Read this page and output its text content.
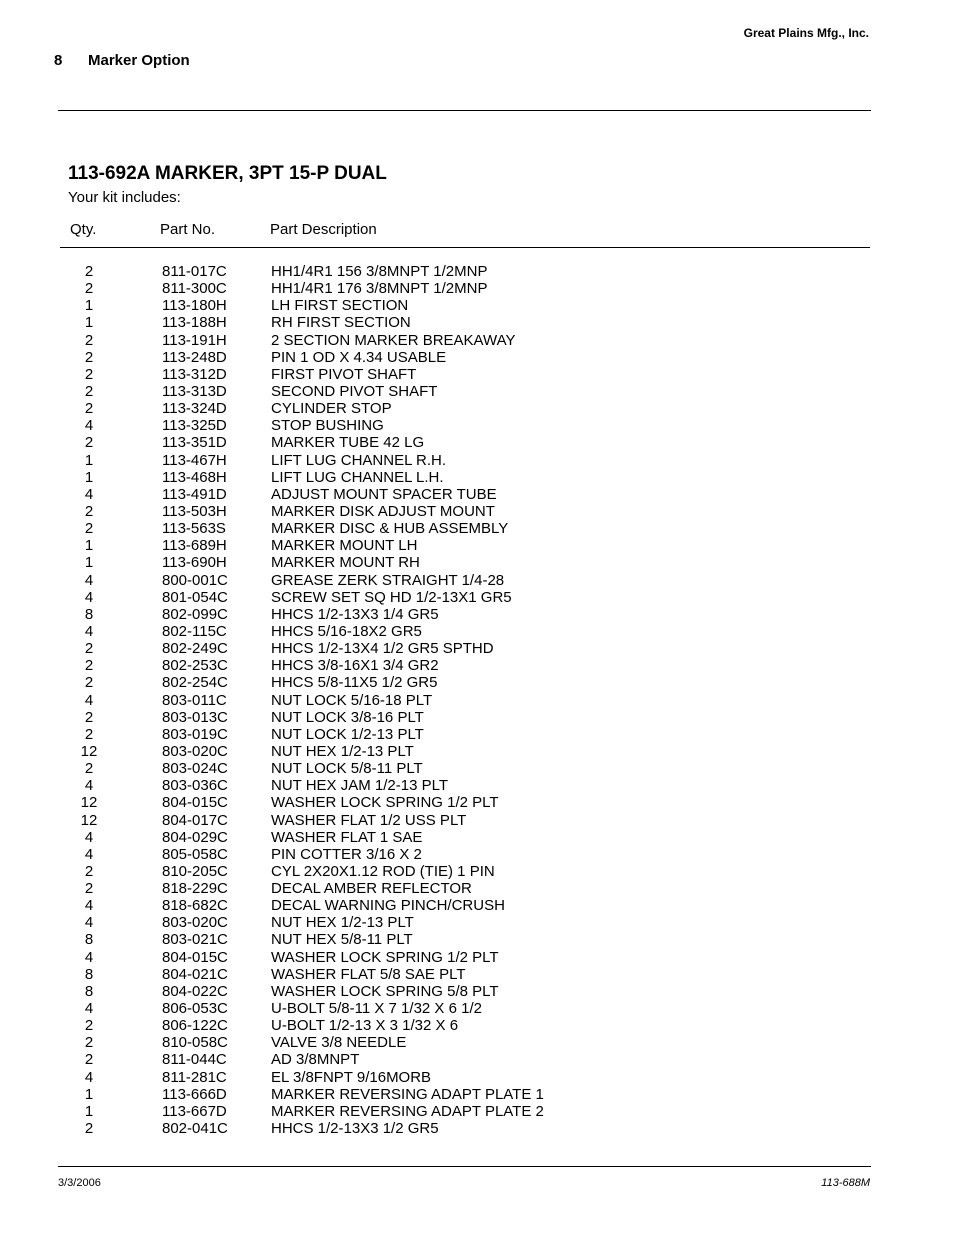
Great Plains Mfg., Inc.
8 Marker Option
113-692A MARKER, 3PT 15-P DUAL
Your kit includes:
Qty.	Part No.	Part Description
2	811-017C	HH1/4R1 156 3/8MNPT 1/2MNP
2	811-300C	HH1/4R1 176 3/8MNPT 1/2MNP
1	113-180H	LH FIRST SECTION
1	113-188H	RH FIRST SECTION
2	113-191H	2 SECTION MARKER BREAKAWAY
2	113-248D	PIN 1 OD X 4.34 USABLE
2	113-312D	FIRST PIVOT SHAFT
2	113-313D	SECOND PIVOT SHAFT
2	113-324D	CYLINDER STOP
4	113-325D	STOP BUSHING
2	113-351D	MARKER TUBE 42 LG
1	113-467H	LIFT LUG CHANNEL R.H.
1	113-468H	LIFT LUG CHANNEL L.H.
4	113-491D	ADJUST MOUNT SPACER TUBE
2	113-503H	MARKER DISK ADJUST MOUNT
2	113-563S	MARKER DISC & HUB ASSEMBLY
1	113-689H	MARKER MOUNT LH
1	113-690H	MARKER MOUNT RH
4	800-001C	GREASE ZERK STRAIGHT 1/4-28
4	801-054C	SCREW SET SQ HD 1/2-13X1 GR5
8	802-099C	HHCS 1/2-13X3 1/4 GR5
4	802-115C	HHCS 5/16-18X2 GR5
2	802-249C	HHCS 1/2-13X4 1/2 GR5 SPTHD
2	802-253C	HHCS 3/8-16X1 3/4 GR2
2	802-254C	HHCS 5/8-11X5 1/2 GR5
4	803-011C	NUT LOCK 5/16-18 PLT
2	803-013C	NUT LOCK 3/8-16 PLT
2	803-019C	NUT LOCK 1/2-13 PLT
12	803-020C	NUT HEX 1/2-13 PLT
2	803-024C	NUT LOCK 5/8-11 PLT
4	803-036C	NUT HEX JAM 1/2-13 PLT
12	804-015C	WASHER LOCK SPRING 1/2 PLT
12	804-017C	WASHER FLAT 1/2 USS PLT
4	804-029C	WASHER FLAT 1 SAE
4	805-058C	PIN COTTER 3/16 X 2
2	810-205C	CYL 2X20X1.12 ROD (TIE) 1 PIN
2	818-229C	DECAL AMBER REFLECTOR
4	818-682C	DECAL WARNING PINCH/CRUSH
4	803-020C	NUT HEX 1/2-13 PLT
8	803-021C	NUT HEX 5/8-11 PLT
4	804-015C	WASHER LOCK SPRING 1/2 PLT
8	804-021C	WASHER FLAT 5/8 SAE PLT
8	804-022C	WASHER LOCK SPRING 5/8 PLT
4	806-053C	U-BOLT 5/8-11 X 7 1/32 X 6 1/2
2	806-122C	U-BOLT 1/2-13 X 3 1/32 X 6
2	810-058C	VALVE 3/8 NEEDLE
2	811-044C	AD 3/8MNPT
4	811-281C	EL 3/8FNPT 9/16MORB
1	113-666D	MARKER REVERSING ADAPT PLATE 1
1	113-667D	MARKER REVERSING ADAPT PLATE 2
2	802-041C	HHCS 1/2-13X3 1/2 GR5
3/3/2006	113-688M
